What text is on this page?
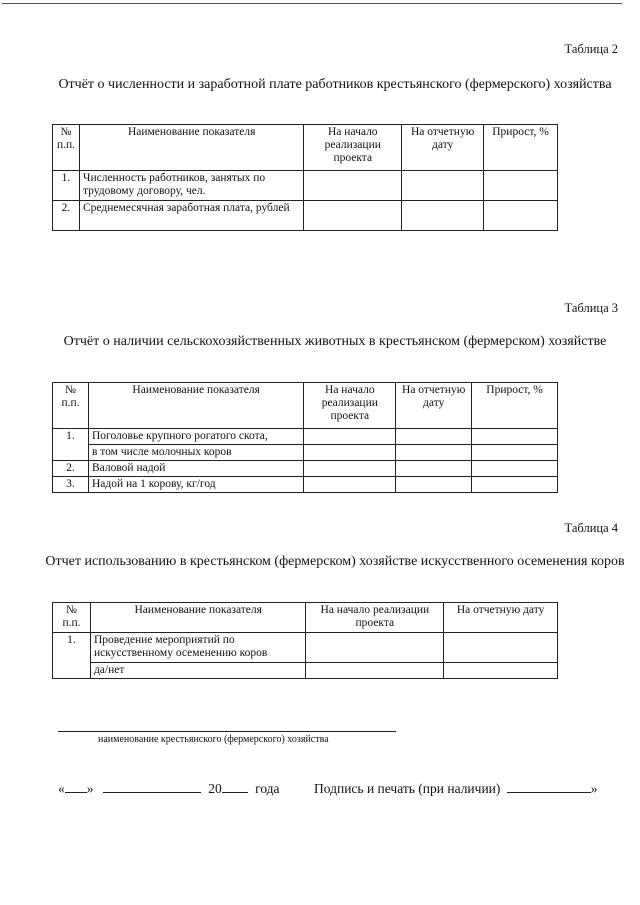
Таблица 2
Отчёт о численности и заработной плате работников крестьянского (фермерского) хозяйства
№ п.п.	Наименование показателя	На начало реализации проекта	На отчетную дату	Прирост, %
1.	Численность работников, занятых по трудовому договору, чел.			
2.	Среднемесячная заработная плата, рублей			
Таблица 3
Отчёт о наличии сельскохозяйственных животных в крестьянском (фермерском) хозяйстве
№ п.п.	Наименование показателя	На начало реализации проекта	На отчетную дату	Прирост, %
1.	Поголовье крупного рогатого скота,			
	в том числе молочных коров			
2.	Валовой надой			
3.	Надой на 1 корову, кг/год			
Таблица 4
Отчет использованию в крестьянском (фермерском) хозяйстве искусственного осеменения коров
№ п.п.	Наименование показателя	На начало реализации проекта	На отчетную дату
1.	Проведение мероприятий по искусственному осеменению коров		
	да/нет		
наименование крестьянского (фермерского) хозяйства
« »	20 года	Подпись и печать (при наличии)	»
